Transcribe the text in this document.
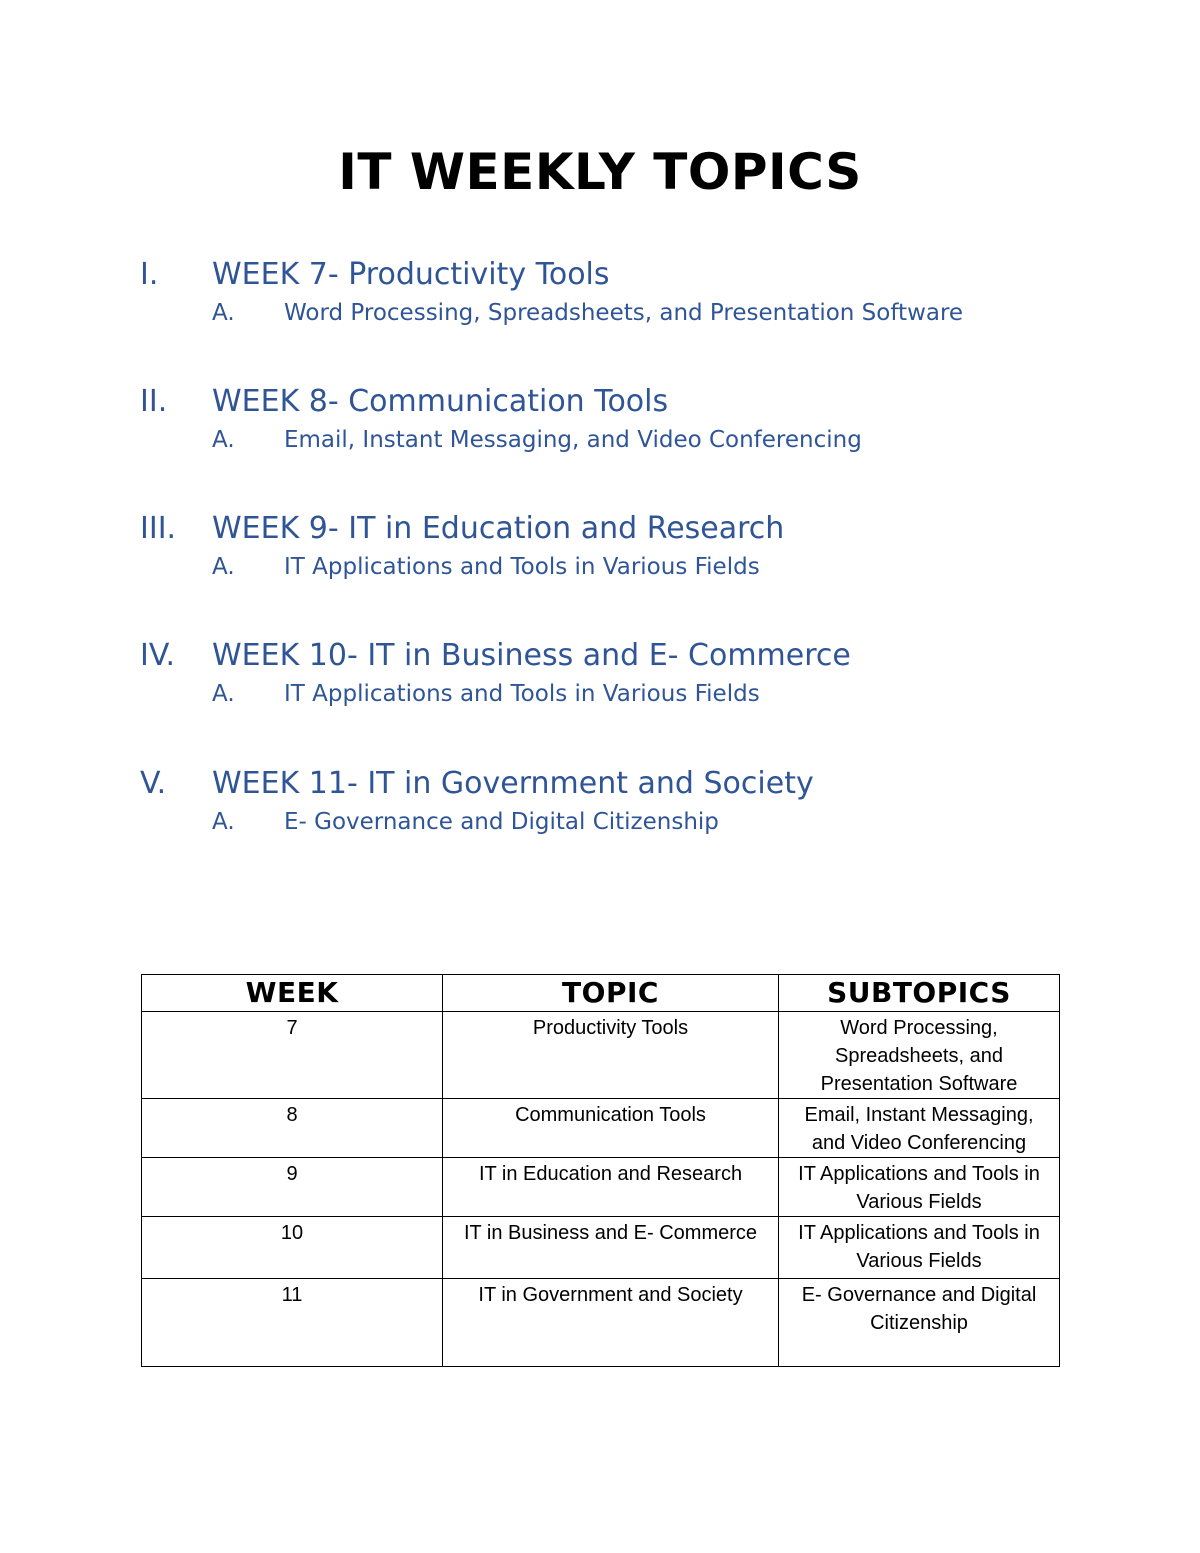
IT WEEKLY TOPICS
I. WEEK 7- Productivity Tools
A. Word Processing, Spreadsheets, and Presentation Software
II. WEEK 8- Communication Tools
A. Email, Instant Messaging, and Video Conferencing
III. WEEK 9- IT in Education and Research
A. IT Applications and Tools in Various Fields
IV. WEEK 10- IT in Business and E- Commerce
A. IT Applications and Tools in Various Fields
V. WEEK 11- IT in Government and Society
A. E- Governance and Digital Citizenship
WEEK	TOPIC	SUBTOPICS
7	Productivity Tools	Word Processing, Spreadsheets, and Presentation Software
8	Communication Tools	Email, Instant Messaging, and Video Conferencing
9	IT in Education and Research	IT Applications and Tools in Various Fields
10	IT in Business and E- Commerce	IT Applications and Tools in Various Fields
11	IT in Government and Society	E- Governance and Digital Citizenship
